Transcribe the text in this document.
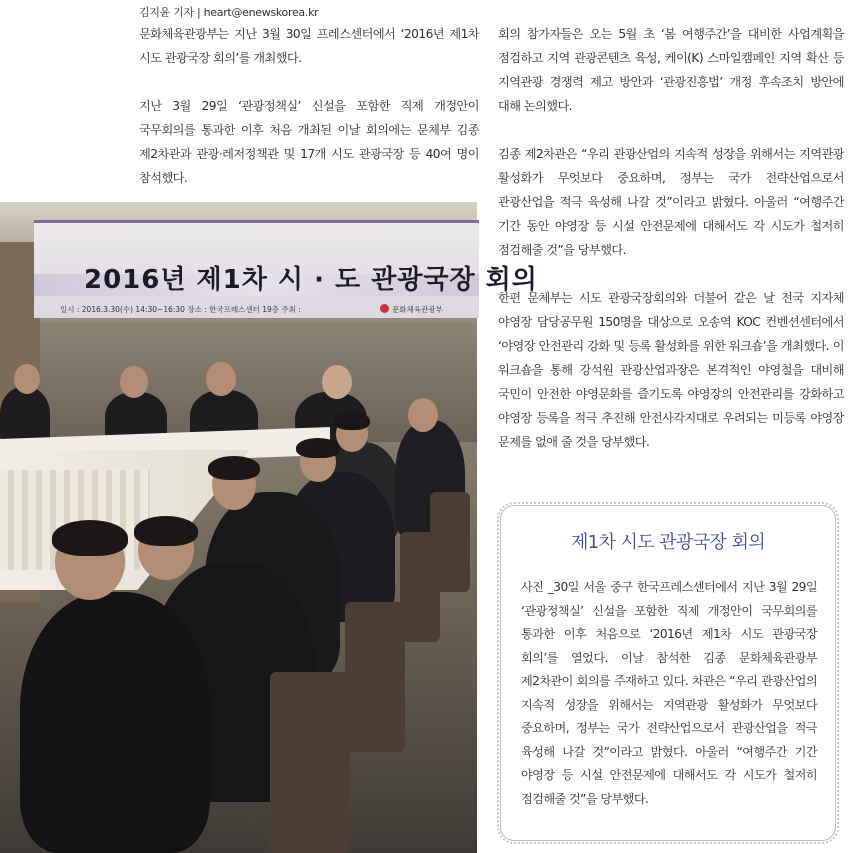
김지윤 기자 | heart@enewskorea.kr

문화체육관광부는 지난 3월 30일 프레스센터에서 ‘2016년 제1차 시도 관광국장 회의’를 개최했다.

지난 3월 29일 ‘관광정책실’ 신설을 포함한 직제 개정안이 국무회의를 통과한 이후 처음 개최된 이날 회의에는 문체부 김종 제2차관과 관광·레저정책관 및 17개 시도 관광국장 등 40여 명이 참석했다.

회의 참가자들은 오는 5월 초 ‘봄 여행주간’을 대비한 사업계획을 점검하고 지역 관광콘텐츠 육성, 케이(K) 스마일캠페인 지역 확산 등 지역관광 경쟁력 제고 방안과 ‘관광진흥법’ 개정 후속조치 방안에 대해 논의했다.

김종 제2차관은 “우리 관광산업의 지속적 성장을 위해서는 지역관광 활성화가 무엇보다 중요하며, 정부는 국가 전략산업으로서 관광산업을 적극 육성해 나갈 것”이라고 밝혔다. 아울러 “여행주간 기간 동안 야영장 등 시설 안전문제에 대해서도 각 시도가 철저히 점검해줄 것”을 당부했다.

한편 문체부는 시도 관광국장회의와 더불어 같은 날 전국 지자체 야영장 담당공무원 150명을 대상으로 오송역 KOC 컨벤션센터에서 ‘야영장 안전관리 강화 및 등록 활성화를 위한 워크숍’을 개최했다. 이 워크숍을 통해 강석원 관광산업과장은 본격적인 야영철을 대비해 국민이 안전한 야영문화를 즐기도록 야영장의 안전관리를 강화하고 야영장 등록을 적극 추진해 안전사각지대로 우려되는 미등록 야영장 문제를 없애 줄 것을 당부했다.

2016년 제1차 시 · 도 관광국장 회의
일시 : 2016.3.30(수) 14:30~16:30 장소 : 한국프레스센터 19층 주최 :	문화체육관광부
제1차 시도 관광국장 회의
사진 _30일 서울 중구 한국프레스센터에서 지난 3월 29일 ‘관광정책실’ 신설을 포함한 직제 개정안이 국무회의를 통과한 이후 처음으로 ‘2016년 제1차 시도 관광국장 회의’를 열었다. 이날 참석한 김종 문화체육관광부 제2차관이 회의를 주재하고 있다. 차관은 “우리 관광산업의 지속적 성장을 위해서는 지역관광 활성화가 무엇보다 중요하며, 정부는 국가 전략산업으로서 관광산업을 적극 육성해 나갈 것”이라고 밝혔다. 아울러 “여행주간 기간 야영장 등 시설 안전문제에 대해서도 각 시도가 철저히 점검해줄 것”을 당부했다.
